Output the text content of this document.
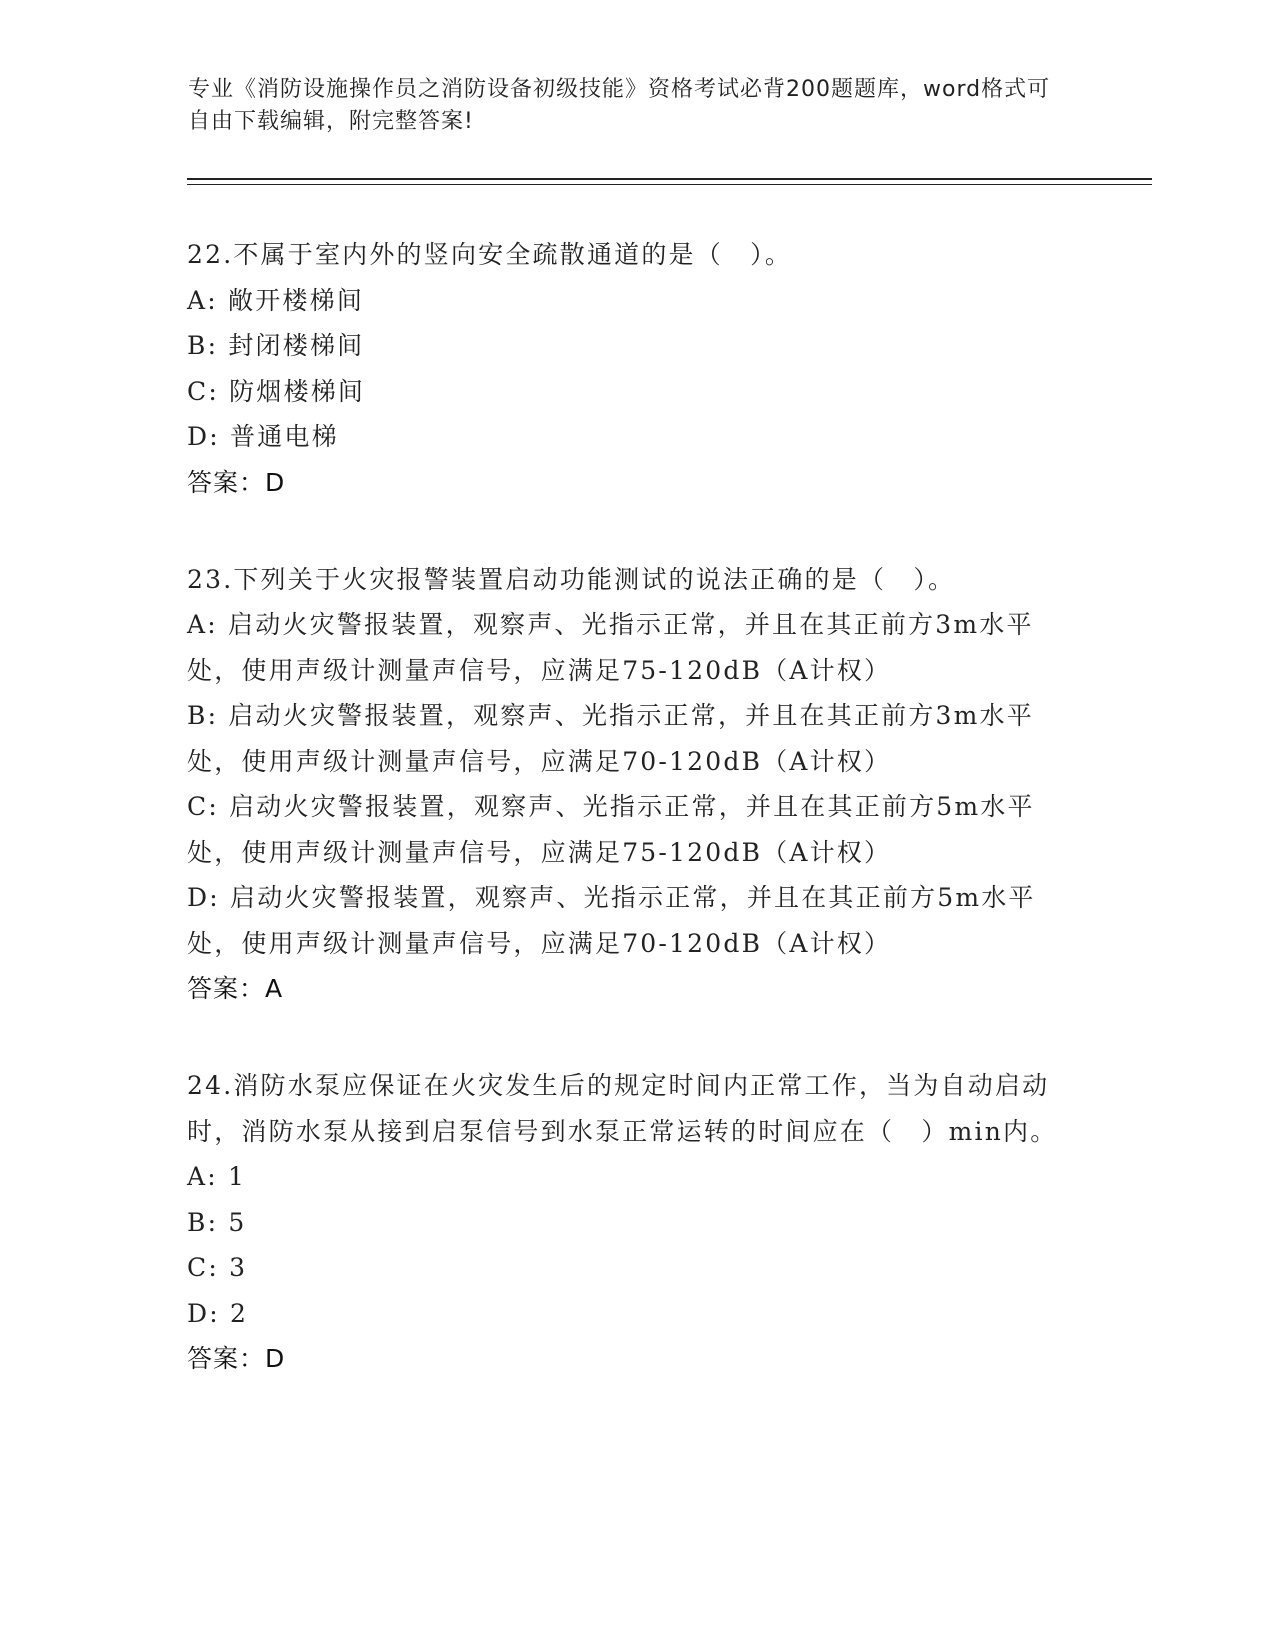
专业《消防设施操作员之消防设备初级技能》资格考试必背200题题库，word格式可自由下载编辑，附完整答案!
22.不属于室内外的竖向安全疏散通道的是（　）。
A: 敞开楼梯间
B: 封闭楼梯间
C: 防烟楼梯间
D: 普通电梯
答案：D
23.下列关于火灾报警装置启动功能测试的说法正确的是（　）。
A: 启动火灾警报装置，观察声、光指示正常，并且在其正前方3m水平处，使用声级计测量声信号，应满足75-120dB（A计权）
B: 启动火灾警报装置，观察声、光指示正常，并且在其正前方3m水平处，使用声级计测量声信号，应满足70-120dB（A计权）
C: 启动火灾警报装置，观察声、光指示正常，并且在其正前方5m水平处，使用声级计测量声信号，应满足75-120dB（A计权）
D: 启动火灾警报装置，观察声、光指示正常，并且在其正前方5m水平处，使用声级计测量声信号，应满足70-120dB（A计权）
答案：A
24.消防水泵应保证在火灾发生后的规定时间内正常工作，当为自动启动时，消防水泵从接到启泵信号到水泵正常运转的时间应在（　）min内。
A: 1
B: 5
C: 3
D: 2
答案：D
